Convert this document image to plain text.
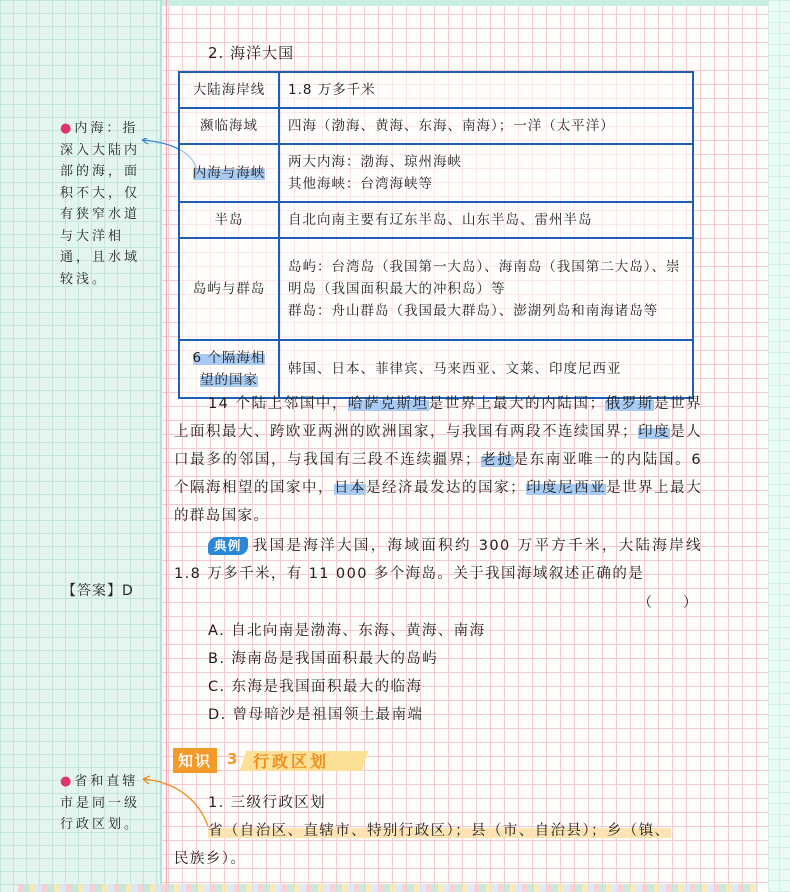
●内海：指深入大陆内部的海，面积不大，仅有狭窄水道与大洋相通，且水域较浅。
●省和直辖市是同一级行政区划。
【答案】D
2. 海洋大国
大陆海岸线	1.8 万多千米
濒临海域	四海（渤海、黄海、东海、南海）；一洋（太平洋）
内海与海峡	两大内海：渤海、琼州海峡
其他海峡：台湾海峡等

半岛	自北向南主要有辽东半岛、山东半岛、雷州半岛
岛屿与群岛	岛屿：台湾岛（我国第一大岛）、海南岛（我国第二大岛）、崇明岛（我国面积最大的冲积岛）等
群岛：舟山群岛（我国最大群岛）、澎湖列岛和南海诸岛等

6 个隔海相望的国家	韩国、日本、菲律宾、马来西亚、文莱、印度尼西亚
14 个陆上邻国中，哈萨克斯坦是世界上最大的内陆国；俄罗斯是世界上面积最大、跨欧亚两洲的欧洲国家，与我国有两段不连续国界；印度是人口最多的邻国，与我国有三段不连续疆界；老挝是东南亚唯一的内陆国。6 个隔海相望的国家中，日本是经济最发达的国家；印度尼西亚是世界上最大的群岛国家。
典例 我国是海洋大国，海域面积约 300 万平方千米，大陆海岸线 1.8 万多千米，有 11 000 多个海岛。关于我国海域叙述正确的是
（　　）
A. 自北向南是渤海、东海、黄海、南海
B. 海南岛是我国面积最大的岛屿
C. 东海是我国面积最大的临海
D. 曾母暗沙是祖国领土最南端
知识 3 行政区划
1. 三级行政区划
省（自治区、直辖市、特别行政区）；县（市、自治县）；乡（镇、
民族乡）。
